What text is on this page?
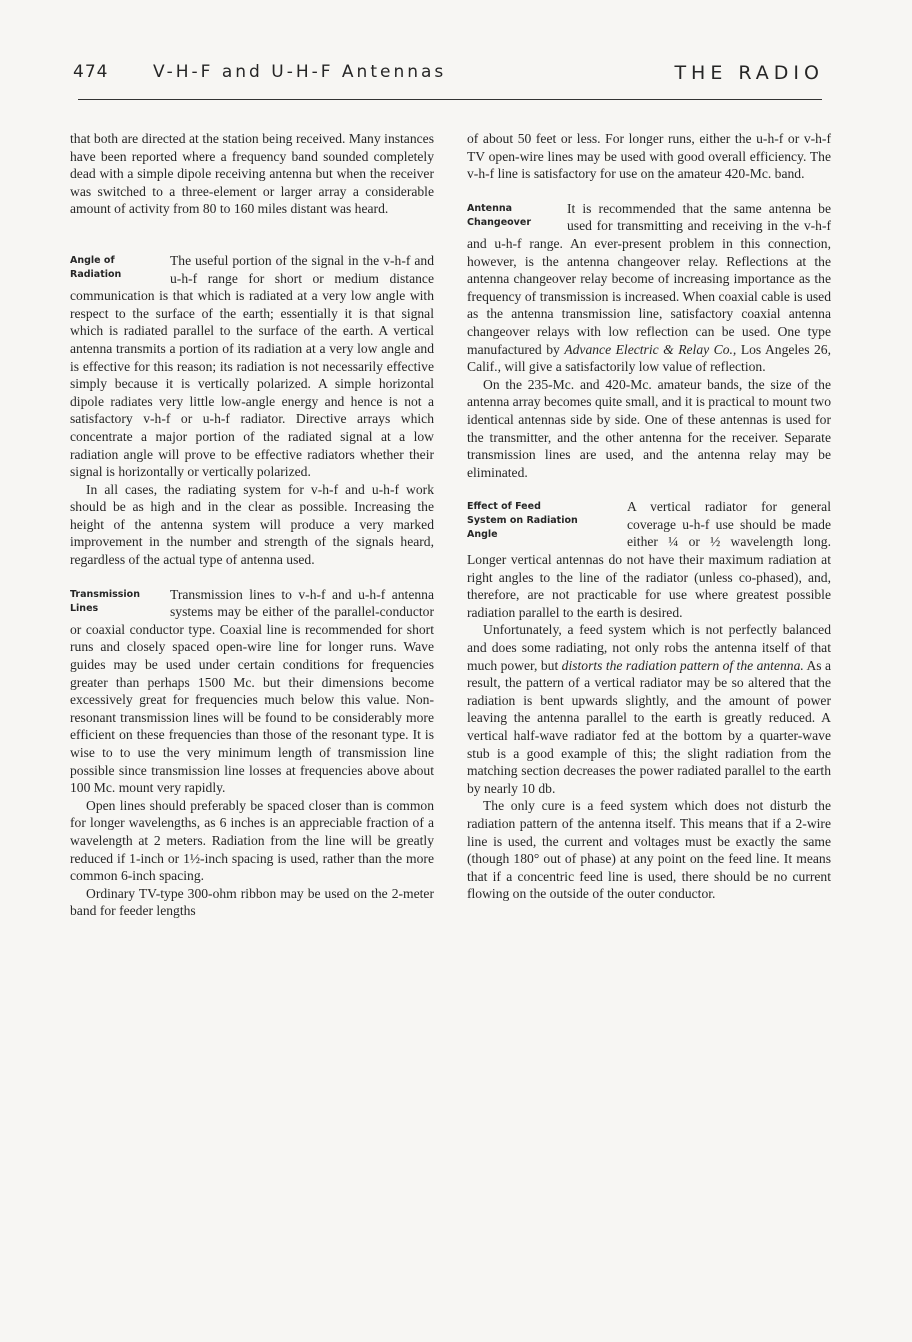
474	V-H-F and U-H-F Antennas	THE RADIO

that both are directed at the station being received. Many instances have been reported where a frequency band sounded completely dead with a simple dipole receiving antenna but when the receiver was switched to a three-element or larger array a considerable amount of activity from 80 to 160 miles distant was heard.

Angle of
Radiation

The useful portion of the signal in the v-h-f and u-h-f range for short or medium distance communication is that which is radiated at a very low angle with respect to the surface of the earth; essentially it is that signal which is radiated parallel to the surface of the earth. A vertical antenna transmits a portion of its radiation at a very low angle and is effective for this reason; its radiation is not necessarily effective simply because it is vertically polarized. A simple horizontal dipole radiates very little low-angle energy and hence is not a satisfactory v-h-f or u-h-f radiator. Directive arrays which concentrate a major portion of the radiated signal at a low radiation angle will prove to be effective radiators whether their signal is horizontally or vertically polarized.

In all cases, the radiating system for v-h-f and u-h-f work should be as high and in the clear as possible. Increasing the height of the antenna system will produce a very marked improvement in the number and strength of the signals heard, regardless of the actual type of antenna used.

Transmission
Lines

Transmission lines to v-h-f and u-h-f antenna systems may be either of the parallel-conductor or coaxial conductor type. Coaxial line is recommended for short runs and closely spaced open-wire line for longer runs. Wave guides may be used under certain conditions for frequencies greater than perhaps 1500 Mc. but their dimensions become excessively great for frequencies much below this value. Non-resonant transmission lines will be found to be considerably more efficient on these frequencies than those of the resonant type. It is wise to to use the very minimum length of transmission line possible since transmission line losses at frequencies above about 100 Mc. mount very rapidly.

Open lines should preferably be spaced closer than is common for longer wavelengths, as 6 inches is an appreciable fraction of a wavelength at 2 meters. Radiation from the line will be greatly reduced if 1-inch or 1½-inch spacing is used, rather than the more common 6-inch spacing.

Ordinary TV-type 300-ohm ribbon may be used on the 2-meter band for feeder lengths

of about 50 feet or less. For longer runs, either the u-h-f or v-h-f TV open-wire lines may be used with good overall efficiency. The v-h-f line is satisfactory for use on the amateur 420-Mc. band.

Antenna
Changeover

It is recommended that the same antenna be used for transmitting and receiving in the v-h-f and u-h-f range. An ever-present problem in this connection, however, is the antenna changeover relay. Reflections at the antenna changeover relay become of increasing importance as the frequency of transmission is increased. When coaxial cable is used as the antenna transmission line, satisfactory coaxial antenna changeover relays with low reflection can be used. One type manufactured by Advance Electric & Relay Co., Los Angeles 26, Calif., will give a satisfactorily low value of reflection.

On the 235-Mc. and 420-Mc. amateur bands, the size of the antenna array becomes quite small, and it is practical to mount two identical antennas side by side. One of these antennas is used for the transmitter, and the other antenna for the receiver. Separate transmission lines are used, and the antenna relay may be eliminated.

Effect of Feed
System on Radiation
Angle

A vertical radiator for general coverage u-h-f use should be made either ¼ or ½ wavelength long. Longer vertical antennas do not have their maximum radiation at right angles to the line of the radiator (unless co-phased), and, therefore, are not practicable for use where greatest possible radiation parallel to the earth is desired.

Unfortunately, a feed system which is not perfectly balanced and does some radiating, not only robs the antenna itself of that much power, but distorts the radiation pattern of the antenna. As a result, the pattern of a vertical radiator may be so altered that the radiation is bent upwards slightly, and the amount of power leaving the antenna parallel to the earth is greatly reduced. A vertical half-wave radiator fed at the bottom by a quarter-wave stub is a good example of this; the slight radiation from the matching section decreases the power radiated parallel to the earth by nearly 10 db.

The only cure is a feed system which does not disturb the radiation pattern of the antenna itself. This means that if a 2-wire line is used, the current and voltages must be exactly the same (though 180° out of phase) at any point on the feed line. It means that if a concentric feed line is used, there should be no current flowing on the outside of the outer conductor.
